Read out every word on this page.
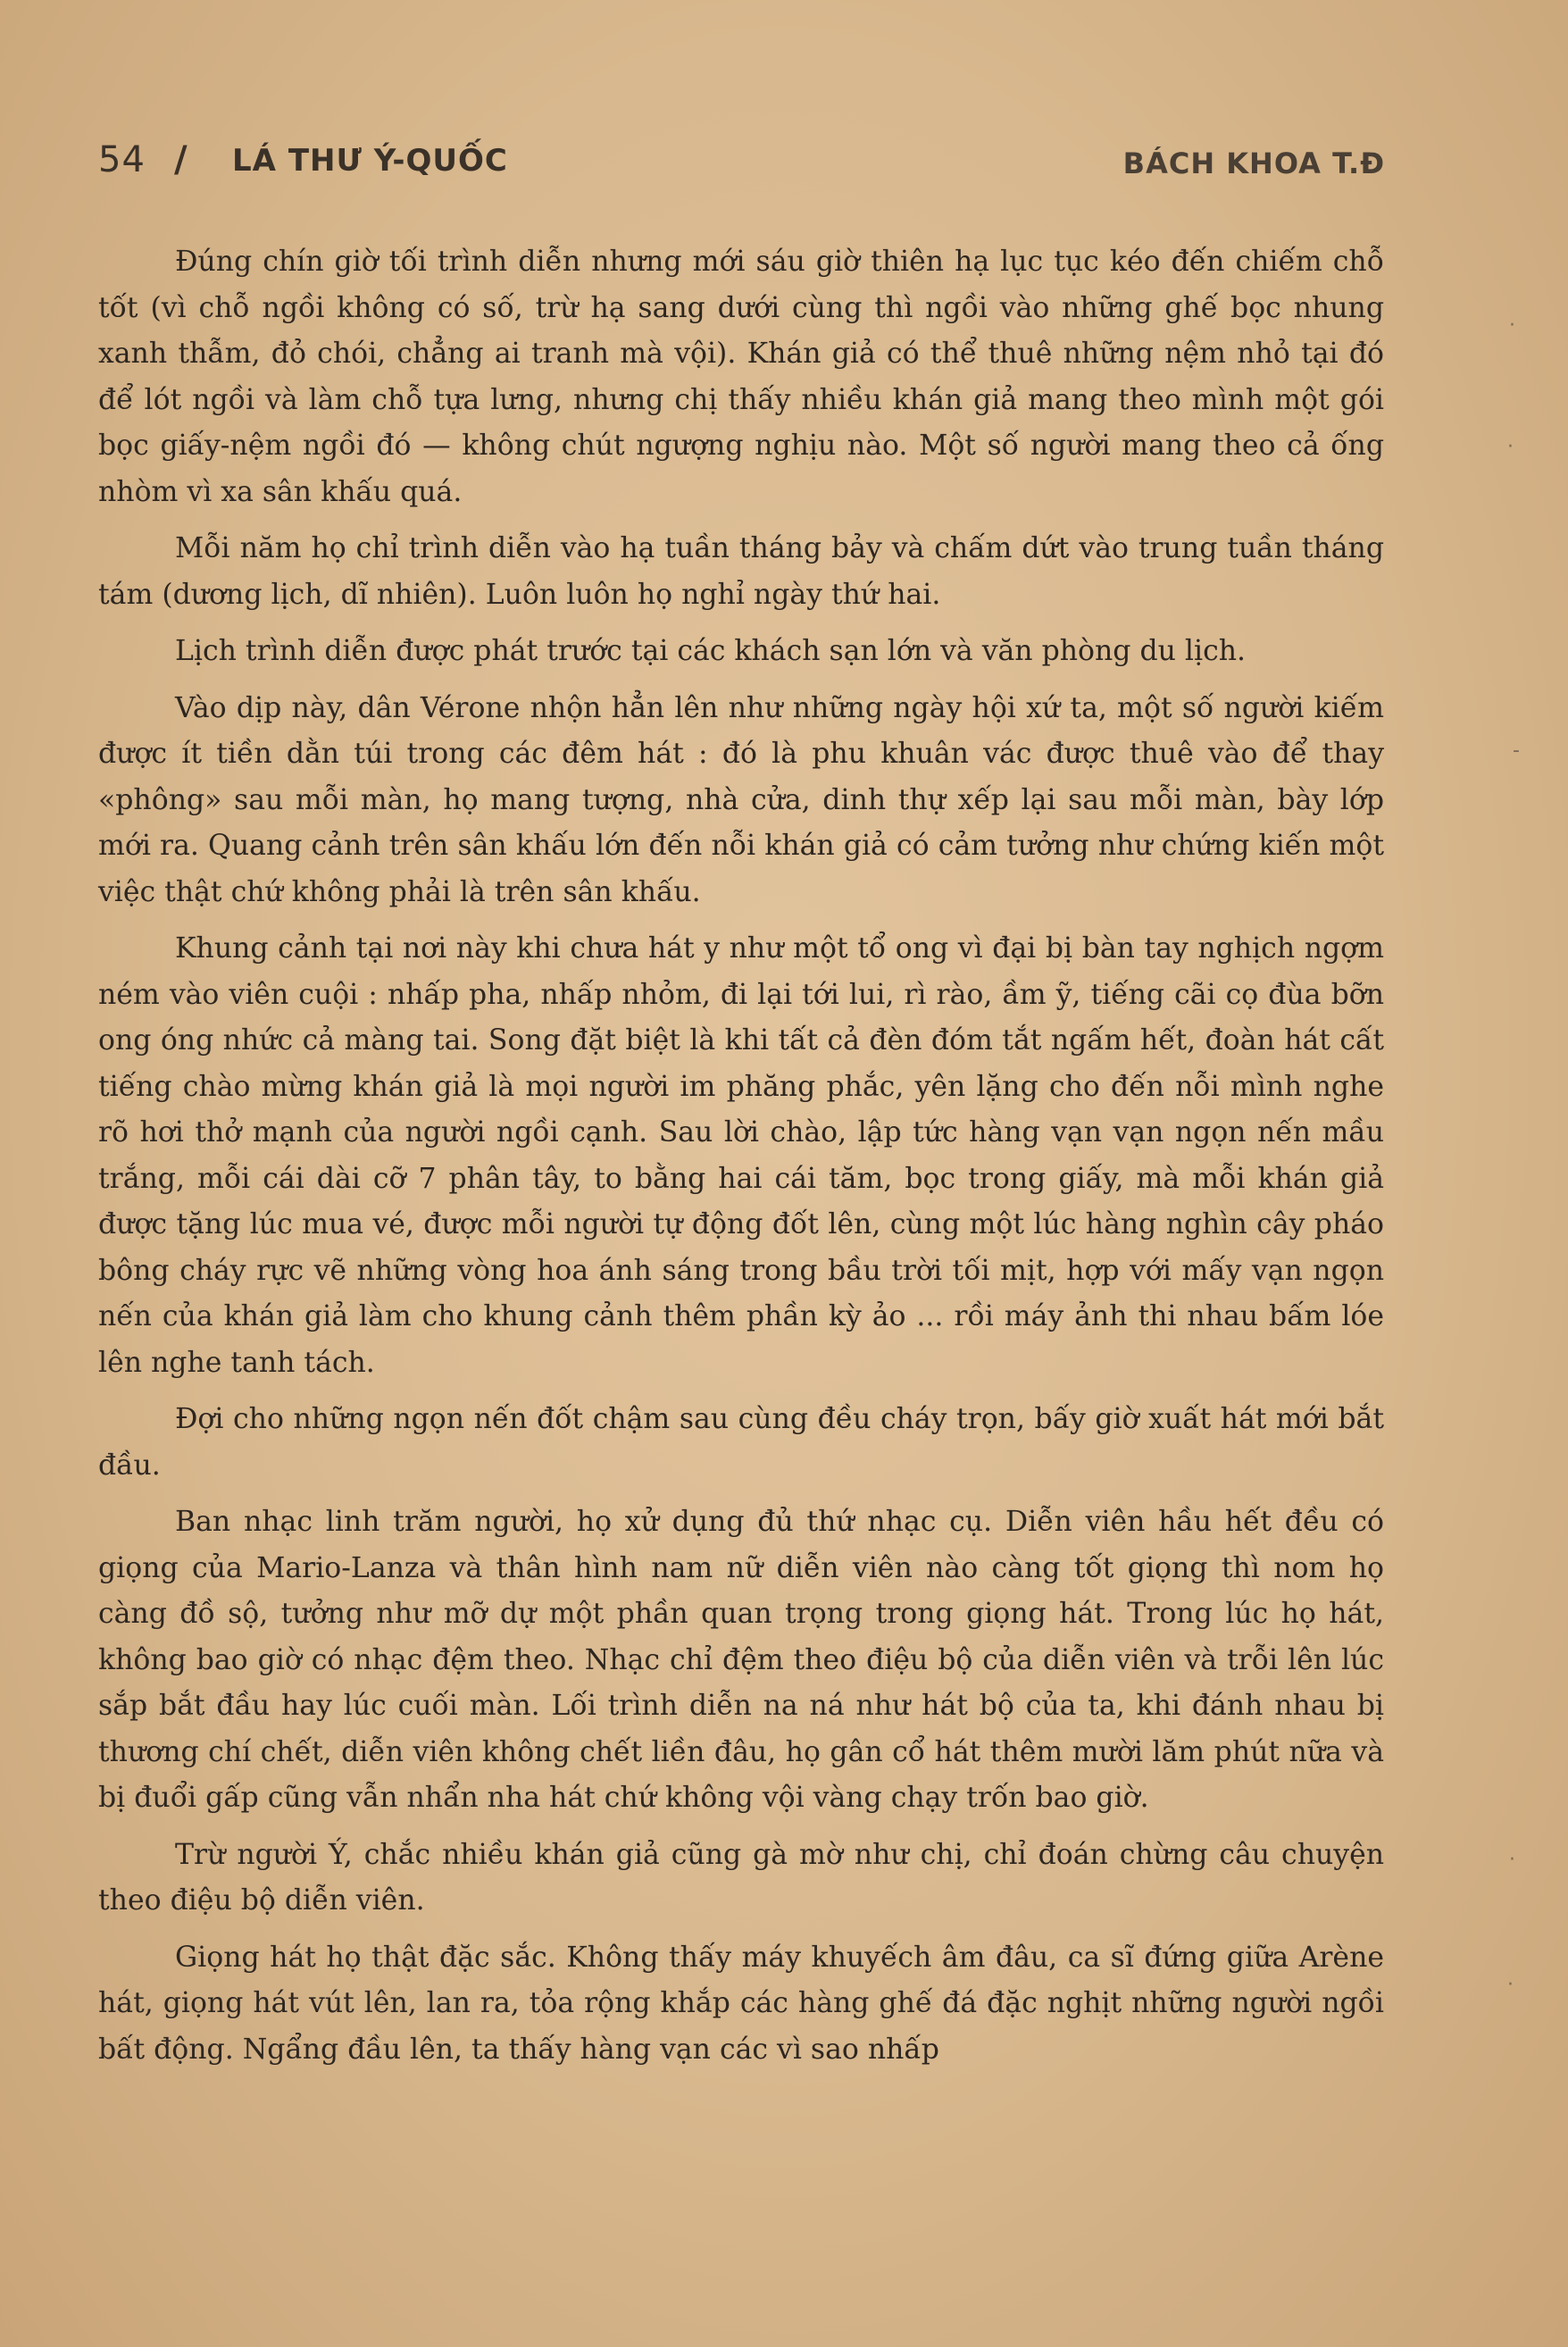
54 / LÁ THƯ Ý-QUỐC	BÁCH KHOA T.Đ

Đúng chín giờ tối trình diễn nhưng mới sáu giờ thiên hạ lục tục kéo đến chiếm chỗ tốt (vì chỗ ngồi không có số, trừ hạ sang dưới cùng thì ngồi vào những ghế bọc nhung xanh thẫm, đỏ chói, chẳng ai tranh mà vội). Khán giả có thể thuê những nệm nhỏ tại đó để lót ngồi và làm chỗ tựa lưng, nhưng chị thấy nhiều khán giả mang theo mình một gói bọc giấy-nệm ngồi đó — không chút ngượng nghịu nào. Một số người mang theo cả ống nhòm vì xa sân khấu quá.

Mỗi năm họ chỉ trình diễn vào hạ tuần tháng bảy và chấm dứt vào trung tuần tháng tám (dương lịch, dĩ nhiên). Luôn luôn họ nghỉ ngày thứ hai.

Lịch trình diễn được phát trước tại các khách sạn lớn và văn phòng du lịch.

Vào dịp này, dân Vérone nhộn hẳn lên như những ngày hội xứ ta, một số người kiếm được ít tiền dằn túi trong các đêm hát : đó là phu khuân vác được thuê vào để thay «phông» sau mỗi màn, họ mang tượng, nhà cửa, dinh thự xếp lại sau mỗi màn, bày lớp mới ra. Quang cảnh trên sân khấu lớn đến nỗi khán giả có cảm tưởng như chứng kiến một việc thật chứ không phải là trên sân khấu.

Khung cảnh tại nơi này khi chưa hát y như một tổ ong vì đại bị bàn tay nghịch ngợm ném vào viên cuội : nhấp pha, nhấp nhỏm, đi lại tới lui, rì rào, ầm ỹ, tiếng cãi cọ đùa bỡn ong óng nhức cả màng tai. Song đặt biệt là khi tất cả đèn đóm tắt ngấm hết, đoàn hát cất tiếng chào mừng khán giả là mọi người im phăng phắc, yên lặng cho đến nỗi mình nghe rõ hơi thở mạnh của người ngồi cạnh. Sau lời chào, lập tức hàng vạn vạn ngọn nến mầu trắng, mỗi cái dài cỡ 7 phân tây, to bằng hai cái tăm, bọc trong giấy, mà mỗi khán giả được tặng lúc mua vé, được mỗi người tự động đốt lên, cùng một lúc hàng nghìn cây pháo bông cháy rực vẽ những vòng hoa ánh sáng trong bầu trời tối mịt, hợp với mấy vạn ngọn nến của khán giả làm cho khung cảnh thêm phần kỳ ảo ... rồi máy ảnh thi nhau bấm lóe lên nghe tanh tách.

Đợi cho những ngọn nến đốt chậm sau cùng đều cháy trọn, bấy giờ xuất hát mới bắt đầu.

Ban nhạc linh trăm người, họ xử dụng đủ thứ nhạc cụ. Diễn viên hầu hết đều có giọng của Mario-Lanza và thân hình nam nữ diễn viên nào càng tốt giọng thì nom họ càng đồ sộ, tưởng như mỡ dự một phần quan trọng trong giọng hát. Trong lúc họ hát, không bao giờ có nhạc đệm theo. Nhạc chỉ đệm theo điệu bộ của diễn viên và trỗi lên lúc sắp bắt đầu hay lúc cuối màn. Lối trình diễn na ná như hát bộ của ta, khi đánh nhau bị thương chí chết, diễn viên không chết liền đâu, họ gân cổ hát thêm mười lăm phút nữa và bị đuổi gấp cũng vẫn nhẩn nha hát chứ không vội vàng chạy trốn bao giờ.

Trừ người Ý, chắc nhiều khán giả cũng gà mờ như chị, chỉ đoán chừng câu chuyện theo điệu bộ diễn viên.

Giọng hát họ thật đặc sắc. Không thấy máy khuyếch âm đâu, ca sĩ đứng giữa Arène hát, giọng hát vút lên, lan ra, tỏa rộng khắp các hàng ghế đá đặc nghịt những người ngồi bất động. Ngẩng đầu lên, ta thấy hàng vạn các vì sao nhấp

·
·
-
·
·
